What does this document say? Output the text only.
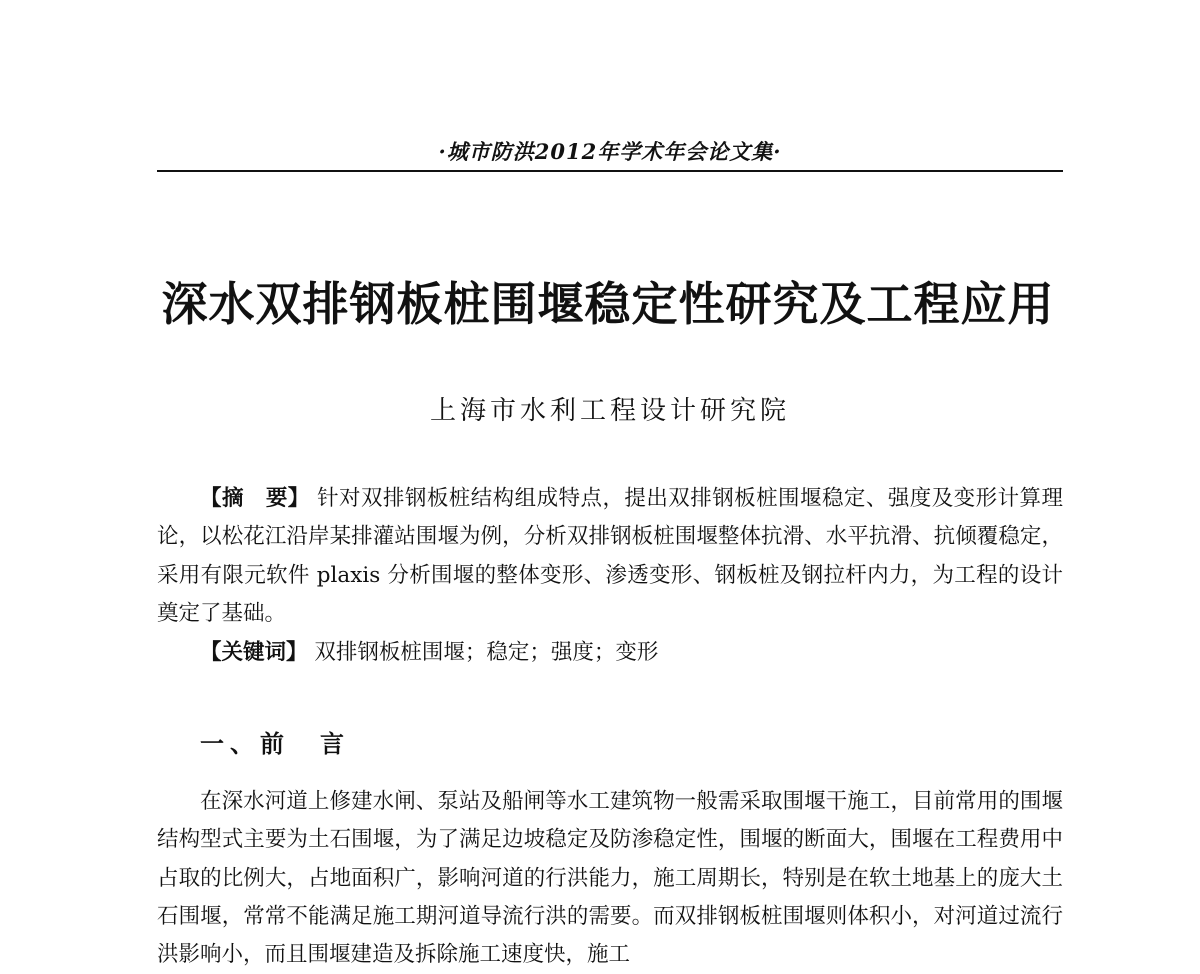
·城市防洪2012年学术年会论文集·
深水双排钢板桩围堰稳定性研究及工程应用
上海市水利工程设计研究院

【摘　要】 针对双排钢板桩结构组成特点，提出双排钢板桩围堰稳定、强度及变形计算理论，以松花江沿岸某排灌站围堰为例，分析双排钢板桩围堰整体抗滑、水平抗滑、抗倾覆稳定，采用有限元软件 plaxis 分析围堰的整体变形、渗透变形、钢板桩及钢拉杆内力，为工程的设计奠定了基础。

【关键词】 双排钢板桩围堰；稳定；强度；变形

一、前　言

在深水河道上修建水闸、泵站及船闸等水工建筑物一般需采取围堰干施工，目前常用的围堰结构型式主要为土石围堰，为了满足边坡稳定及防渗稳定性，围堰的断面大，围堰在工程费用中占取的比例大，占地面积广，影响河道的行洪能力，施工周期长，特别是在软土地基上的庞大土石围堰，常常不能满足施工期河道导流行洪的需要。而双排钢板桩围堰则体积小，对河道过流行洪影响小，而且围堰建造及拆除施工速度快，施工
